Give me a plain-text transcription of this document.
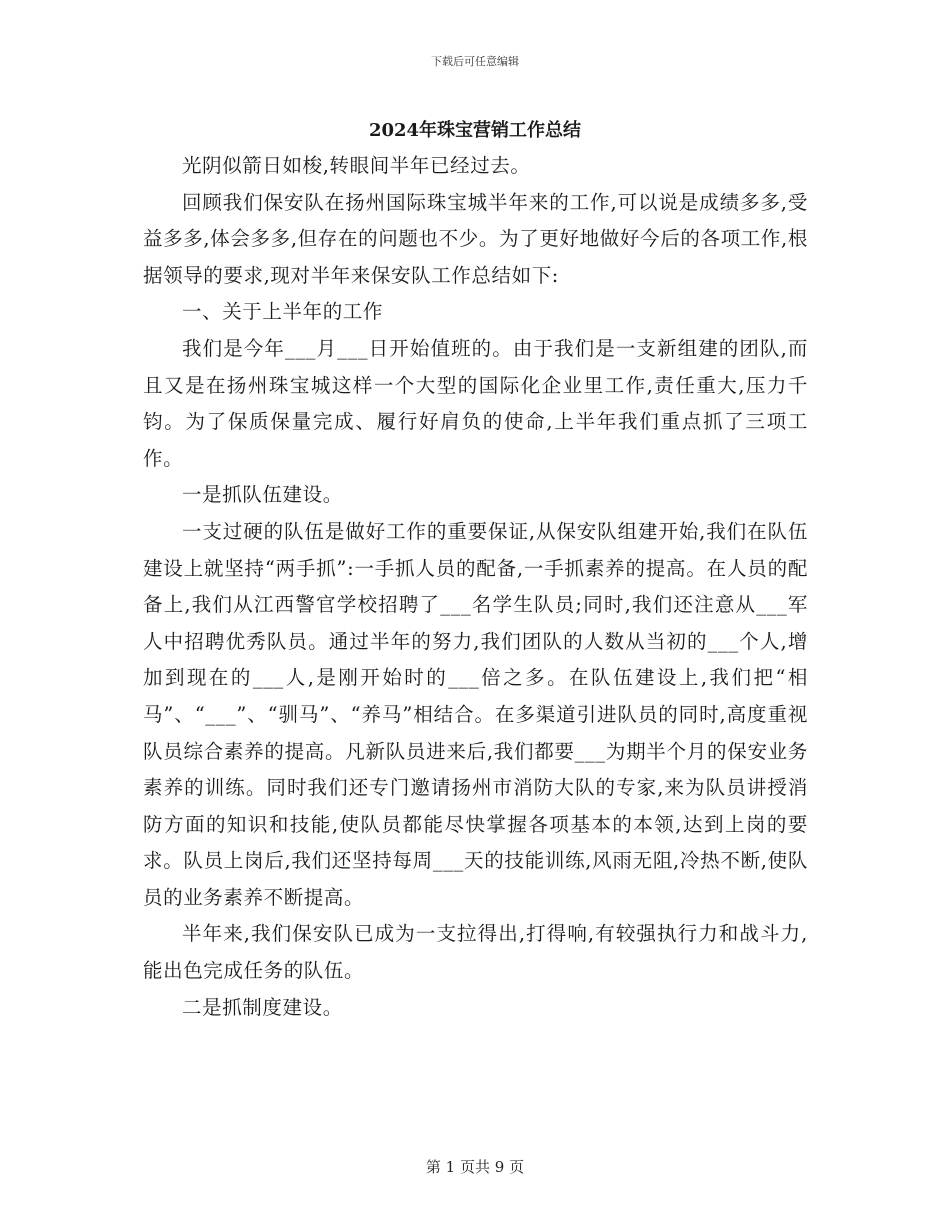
下载后可任意编辑
2024年珠宝营销工作总结

光阴似箭日如梭,转眼间半年已经过去。

回顾我们保安队在扬州国际珠宝城半年来的工作,可以说是成绩多多,受益多多,体会多多,但存在的问题也不少。为了更好地做好今后的各项工作,根据领导的要求,现对半年来保安队工作总结如下:

一、关于上半年的工作

我们是今年___月___日开始值班的。由于我们是一支新组建的团队,而且又是在扬州珠宝城这样一个大型的国际化企业里工作,责任重大,压力千钧。为了保质保量完成、履行好肩负的使命,上半年我们重点抓了三项工作。

一是抓队伍建设。

一支过硬的队伍是做好工作的重要保证,从保安队组建开始,我们在队伍建设上就坚持“两手抓”:一手抓人员的配备,一手抓素养的提高。在人员的配备上,我们从江西警官学校招聘了___名学生队员;同时,我们还注意从___军人中招聘优秀队员。通过半年的努力,我们团队的人数从当初的___个人,增加到现在的___人,是刚开始时的___倍之多。在队伍建设上,我们把“相马”、“___”、“驯马”、“养马”相结合。在多渠道引进队员的同时,高度重视队员综合素养的提高。凡新队员进来后,我们都要___为期半个月的保安业务素养的训练。同时我们还专门邀请扬州市消防大队的专家,来为队员讲授消防方面的知识和技能,使队员都能尽快掌握各项基本的本领,达到上岗的要求。队员上岗后,我们还坚持每周___天的技能训练,风雨无阻,冷热不断,使队员的业务素养不断提高。

半年来,我们保安队已成为一支拉得出,打得响,有较强执行力和战斗力,能出色完成任务的队伍。

二是抓制度建设。

第 1 页共 9 页
